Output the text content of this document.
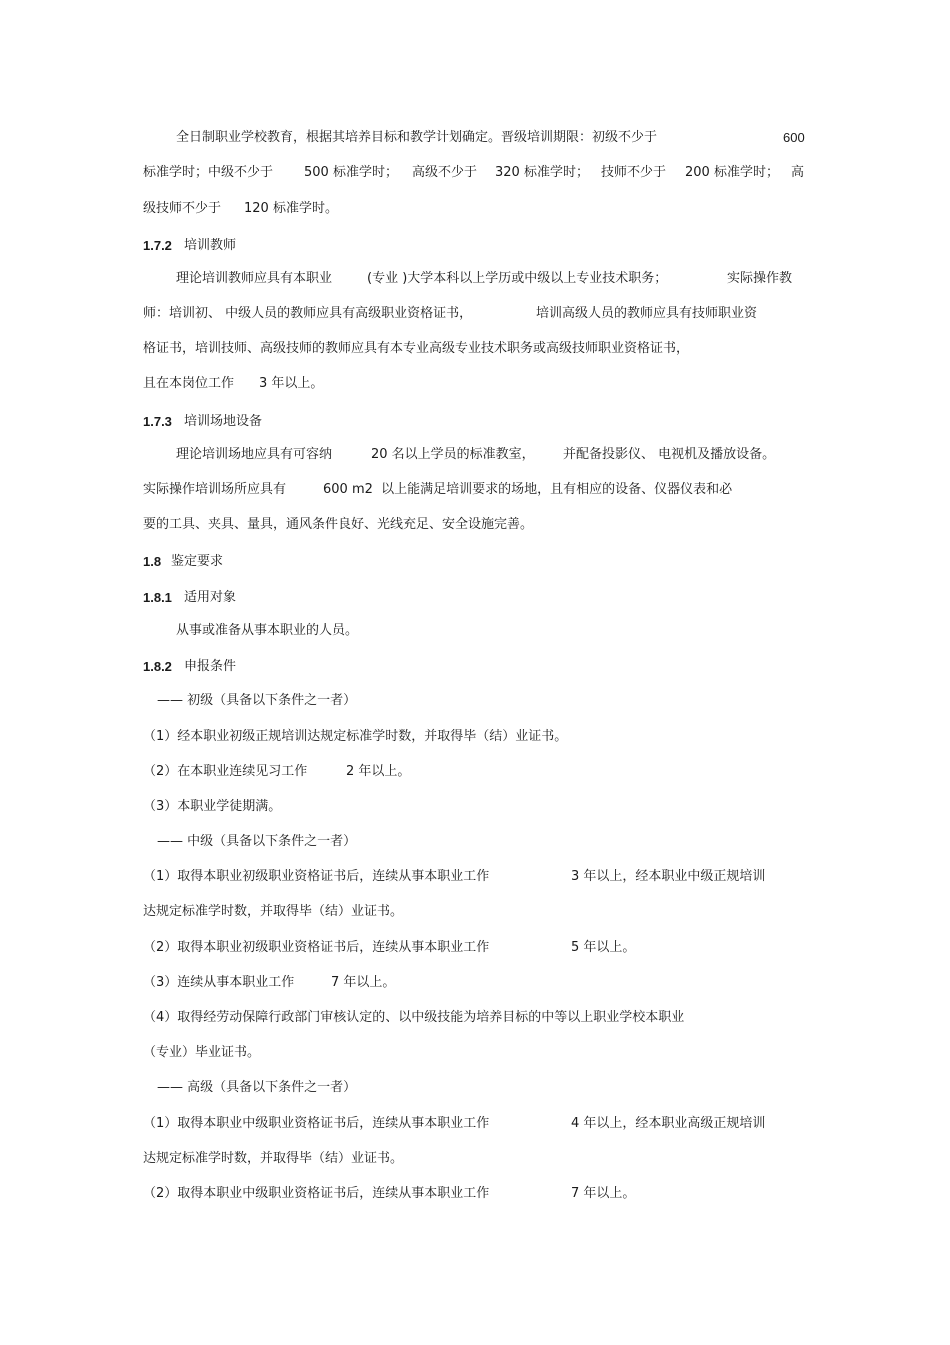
全日制职业学校教育，根据其培养目标和教学计划确定。晋级培训期限：初级不少于	600
标准学时；中级不少于 500 标准学时； 高级不少于 320 标准学时； 技师不少于 200 标准学时； 高
级技师不少于 120 标准学时。
1.7.2 培训教师
理论培训教师应具有本职业	(专业 )大学本科以上学历或中级以上专业技术职务；	实际操作教
师：培训初、 中级人员的教师应具有高级职业资格证书，	培训高级人员的教师应具有技师职业资
格证书，培训技师、高级技师的教师应具有本专业高级专业技术职务或高级技师职业资格证书，
且在本岗位工作 3 年以上。
1.7.3 培训场地设备
理论培训场地应具有可容纳	20 名以上学员的标准教室， 并配备投影仪、 电视机及播放设备。
实际操作培训场所应具有	600 m2  以上能满足培训要求的场地，且有相应的设备、仪器仪表和必
要的工具、夹具、量具，通风条件良好、光线充足、安全设施完善。
1.8 鉴定要求
1.8.1 适用对象
从事或准备从事本职业的人员。
1.8.2 申报条件
—— 初级（具备以下条件之一者）
（1）经本职业初级正规培训达规定标准学时数，并取得毕（结）业证书。
（2）在本职业连续见习工作	2 年以上。
（3）本职业学徒期满。
—— 中级（具备以下条件之一者）
（1）取得本职业初级职业资格证书后，连续从事本职业工作	3 年以上，经本职业中级正规培训
达规定标准学时数，并取得毕（结）业证书。
（2）取得本职业初级职业资格证书后，连续从事本职业工作	5 年以上。
（3）连续从事本职业工作	7 年以上。
（4）取得经劳动保障行政部门审核认定的、以中级技能为培养目标的中等以上职业学校本职业
（专业）毕业证书。
—— 高级（具备以下条件之一者）
（1）取得本职业中级职业资格证书后，连续从事本职业工作	4 年以上，经本职业高级正规培训
达规定标准学时数，并取得毕（结）业证书。
（2）取得本职业中级职业资格证书后，连续从事本职业工作	7 年以上。
